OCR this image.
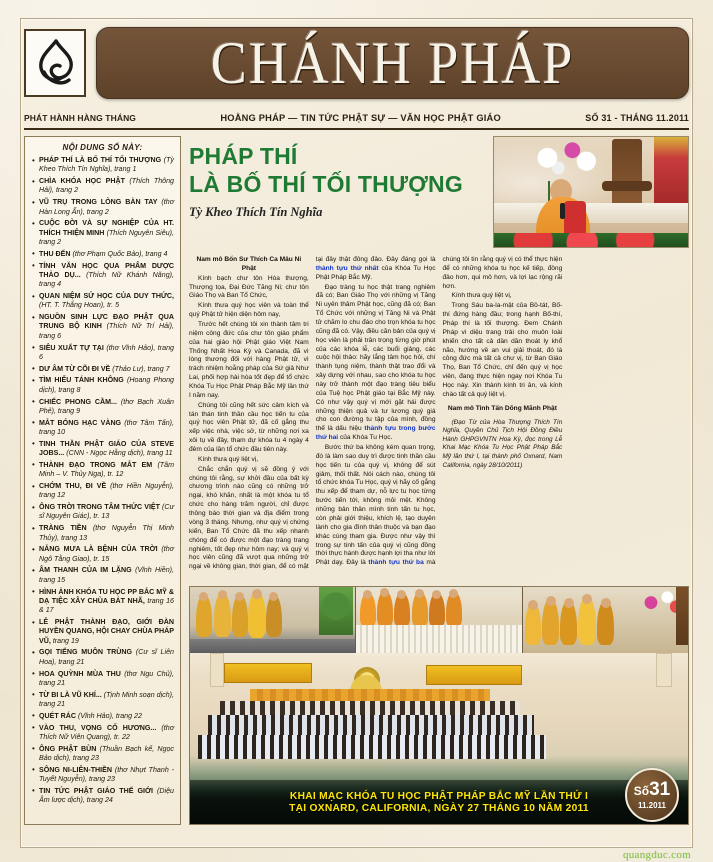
CHÁNH PHÁP
PHÁT HÀNH HÀNG THÁNG	HOẰNG PHÁP — TIN TỨC PHẬT SỰ — VĂN HỌC PHẬT GIÁO	SỐ 31 - THÁNG 11.2011
NỘI DUNG SỐ NÀY:
• PHÁP THÍ LÀ BỐ THÍ TỐI THƯỢNG (Tỳ Kheo Thích Tín Nghĩa), trang 1
• CHÌA KHÓA HỌC PHẬT (Thích Thông Hải), trang 2
• VŨ TRỤ TRONG LÒNG BÀN TAY (thơ Hàn Long Ẩn), trang 2
• CUỘC ĐỜI VÀ SỰ NGHIỆP CỦA HT. THÍCH THIỆN MINH (Thích Nguyên Siêu), trang 2
• THU ĐẾN (thơ Phạm Quốc Bảo), trang 4
• TÍNH VĂN HỌC QUA PHẨM DƯỢC THẢO DỤ... (Thích Nữ Khánh Năng), trang 4
• QUAN NIỆM SỬ HỌC CỦA DUY THỨC, (HT. T. Thắng Hoan), tr. 5
• NGUỒN SINH LỰC ĐẠO PHẬT QUA TRUNG BỘ KINH (Thích Nữ Trí Hải), trang 6
• SIÊU XUẤT TỰ TẠI (thơ Vĩnh Hảo), trang 6
• DƯ ÂM TỪ CÕI ĐI VỀ (Thảo Lư), trang 7
• TÌM HIỂU TÁNH KHÔNG (Hoang Phong dịch), trang 8
• CHIẾC PHONG CẦM... (thơ Bạch Xuân Phẻ), trang 9
• MẮT BÓNG HẠC VÀNG (thơ Tâm Tấn), trang 10
• TINH THẦN PHẬT GIÁO CỦA STEVE JOBS... (CNN - Ngọc Hằng dịch), trang 11
• THÀNH ĐẠO TRONG MẮT EM (Tâm Minh – V. Thủy Nga), tr. 12
• CHỚM THU, ĐI VỀ (thơ Hiền Nguyễn), trang 12
• ÔNG TRỜI TRONG TÂM THỨC VIỆT (Cư sĩ Nguyên Giác), tr. 13
• TRÀNG TIỀN (thơ Nguyễn Thị Minh Thủy), trang 13
• NẮNG MƯA LÀ BỆNH CỦA TRỜI (thơ Ngô Tằng Giao), tr. 15
• ÂM THANH CỦA IM LẶNG (Vĩnh Hiền), trang 15
• HÌNH ẢNH KHÓA TU HỌC PP BẮC MỸ & DẠ TIỆC XÂY CHÙA BÁT NHÃ, trang 16 & 17
• LỄ PHẬT THÀNH ĐẠO, GIỚI ĐÀN HUYỀN QUANG, HỘI CHAY CHÙA PHÁP VŨ, trang 19
• GỌI TIẾNG MUÔN TRÙNG (Cư sĩ Liên Hoa), trang 21
• HOA QUỲNH MÙA THU (thơ Ngu Chủ), trang 21
• TỪ BI LÀ VŨ KHÍ... (Tịnh Minh soạn dịch), trang 21
• QUÉT RÁC (Vĩnh Hảo), trang 22
• VÀO THU, VỌNG CỐ HƯƠNG... (thơ Thích Nữ Viên Quang), tr. 22
• ÔNG PHẬT BÙN (Thuần Bạch kể, Ngọc Bảo dịch), trang 23
• SÔNG NI-LIÊN-THIỀN (thơ Nhựt Thanh - Tuyết Nguyễn), trang 23
• TIN TỨC PHẬT GIÁO THẾ GIỚI (Diệu Âm lược dịch), trang 24
PHÁP THÍ
LÀ BỐ THÍ TỐI THƯỢNG
Tỳ Kheo Thích Tín Nghĩa

Nam mô Bổn Sư Thích Ca Mâu Ni Phật

Kính bạch chư tôn Hòa thượng, Thượng tọa, Đại Đức Tăng Ni; chư tôn Giáo Thọ và Ban Tổ Chức,

Kính thưa quý học viên và toàn thể quý Phật tử hiện diện hôm nay,

Trước hết chúng tôi xin thành tâm tri niệm công đức của chư tôn giáo phẩm của hai giáo hội Phật giáo Việt Nam Thống Nhất Hoa Kỳ và Canada, đã vì lòng thương đối với hàng Phật tử, vì trách nhiệm hoằng pháp của Sứ giả Như Lai, phối hợp hài hòa tốt đẹp để tổ chức Khóa Tu Học Phật Pháp Bắc Mỹ lần thứ I năm nay.

Chúng tôi cũng hết sức cảm kích và tán thán tinh thần cầu học tiến tu của quý học viên Phật tử, đã cố gắng thu xếp việc nhà, việc sở, từ những nơi xa xôi tụ về đây, tham dự khóa tu 4 ngày 4 đêm của lần tổ chức đầu tiên này.

Kính thưa quý liệt vị,

Chắc chắn quý vị sẽ đồng ý với chúng tôi rằng, sự khởi đầu của bất kỳ chương trình nào cũng có những trở ngại, khó khăn, nhất là một khóa tu tổ chức cho hàng trăm người, chỉ được thông báo thời gian và địa điểm trong vòng 3 tháng. Nhưng, như quý vị chứng kiến, Ban Tổ Chức đã thu xếp nhanh chóng để có được một đạo tràng trang nghiêm, tốt đẹp như hôm nay; và quý vị học viên cũng đã vượt qua những trở ngại về không gian, thời gian, để có mặt tại đây thật đông đảo. Đây đáng gọi là thành tựu thứ nhất của Khóa Tu Học Phật Pháp Bắc Mỹ.

Đạo tràng tu học thật trang nghiêm đã có; Ban Giáo Thọ với những vị Tăng Ni uyên thâm Phật học, cũng đã có; Ban Tổ Chức với những vị Tăng Ni và Phật tử chăm lo chu đáo cho trọn khóa tu học cũng đã có. Vậy, điều căn bản của quý vị học viên là phải trân trọng từng giờ phút của các khóa lễ, các buổi giảng, các cuộc hội thảo: hãy lắng tâm học hỏi, chí thành tụng niệm, thành thật trao đổi và xây dựng với nhau, sao cho khóa tu học này trở thành một đạo tràng tiêu biểu của Tuệ học Phật giáo tại Bắc Mỹ này. Có như vậy quý vị mới gặt hái được những thiện quả và tư lương quý giá cho con đường tu tập của mình, đồng thế là dấu hiệu thành tựu trong bước thứ hai của Khóa Tu Học.

Bước thứ ba không kém quan trọng, đó là làm sao duy trì được tinh thần cầu học tiến tu của quý vị, không để sút giảm, thối thất. Nói cách nào, chúng tôi tổ chức khóa Tu Học, quý vị hãy cố gắng thu xếp để tham dự, nỗ lực tu học từng bước tiến tới, không mỏi mệt. Không những bản thân mình tinh tấn tu học, còn phải giới thiệu, khích lệ, tạo duyên lành cho gia đình thân thuộc và bạn đạo khác cùng tham gia. Được như vậy thì trong sự tinh tấn của quý vị cũng đồng thời thực hành được hạnh lợi tha như lời Phật dạy. Đây là thành tựu thứ ba mà chúng tôi tin rằng quý vị có thể thực hiện để có những khóa tu học kế tiếp, đông đảo hơn, qui mô hơn, và lợi lạc rộng rãi hơn.

Kính thưa quý liệt vị,

Trong Sáu ba-la-mật của Bồ-tát, Bố-thí đứng hàng đầu; trong hạnh Bố-thí, Pháp thí là tối thượng. Đem Chánh Pháp vi diệu trang trải cho muôn loài khiến cho tất cả dần dần thoát ly khổ não, hướng về an vui giải thoát, đó là công đức mà tất cả chư vị, từ Ban Giáo Thọ, Ban Tổ Chức, chỉ đến quý vị học viên, đang thực hiện ngay nơi Khóa Tu Học này. Xin thành kính tri ân, và kính chào tất cả quý liệt vị.

Nam mô Tinh Tấn Dõng Mãnh Phật

(Đạo Từ của Hòa Thượng Thích Tín Nghĩa, Quyền Chủ Tịch Hội Đồng Điều Hành GHPGVNTN Hoa Kỳ, đọc trong Lễ Khai Mạc Khóa Tu Học Phật Pháp Bắc Mỹ lần thứ I, tại thành phố Oxnard, Nam California, ngày 28/10/2011)

KHAI MẠC KHÓA TU HỌC PHẬT PHÁP BẮC MỸ LẦN THỨ I
TẠI OXNARD, CALIFORNIA, NGÀY 27 THÁNG 10 NĂM 2011
Số31
11.2011
quangduc.com
